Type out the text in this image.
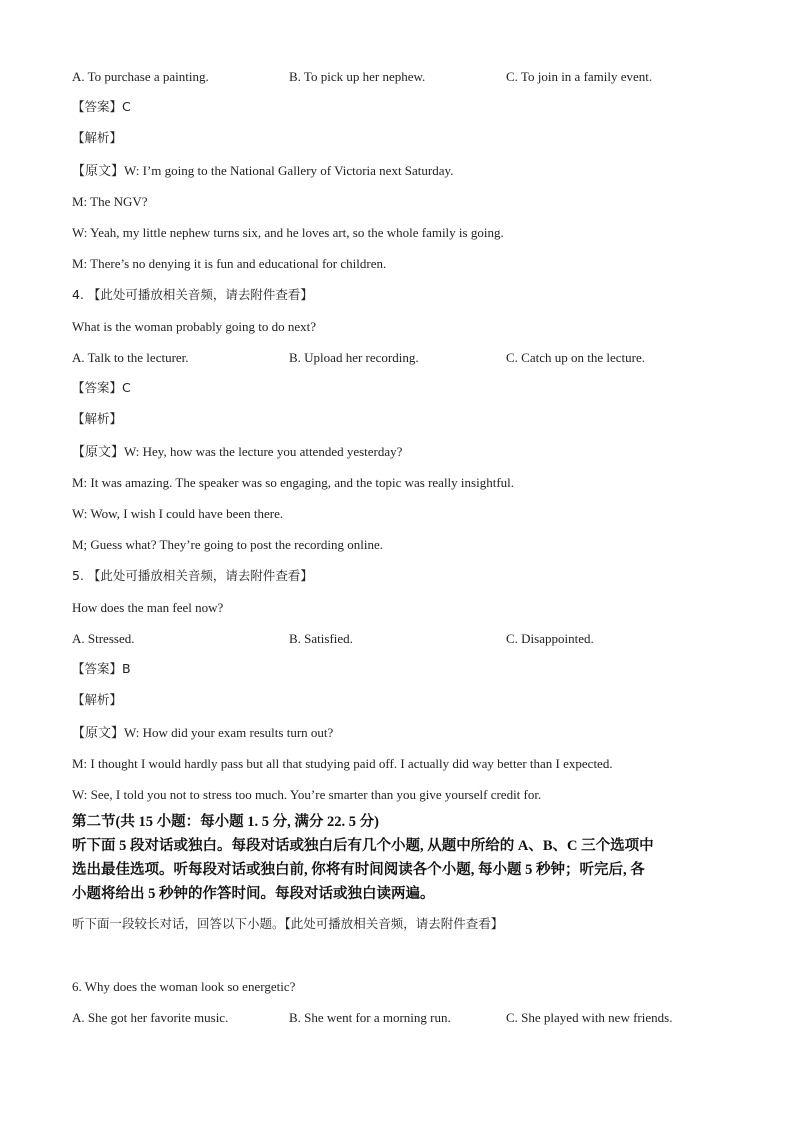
A. To purchase a painting.	B. To pick up her nephew.	C. To join in a family event.
【答案】C
【解析】
【原文】W: I’m going to the National Gallery of Victoria next Saturday.
M: The NGV?
W: Yeah, my little nephew turns six, and he loves art, so the whole family is going.
M: There’s no denying it is fun and educational for children.
4. 【此处可播放相关音频，请去附件查看】
What is the woman probably going to do next?
A. Talk to the lecturer.	B. Upload her recording.	C. Catch up on the lecture.
【答案】C
【解析】
【原文】W: Hey, how was the lecture you attended yesterday?
M: It was amazing. The speaker was so engaging, and the topic was really insightful.
W: Wow, I wish I could have been there.
M; Guess what? They’re going to post the recording online.
5. 【此处可播放相关音频，请去附件查看】
How does the man feel now?
A. Stressed.	B. Satisfied.	C. Disappointed.
【答案】B
【解析】
【原文】W: How did your exam results turn out?
M: I thought I would hardly pass but all that studying paid off. I actually did way better than I expected.
W: See, I told you not to stress too much. You’re smarter than you give yourself credit for.
第二节(共 15 小题：每小题 1. 5 分, 满分 22. 5 分)
听下面 5 段对话或独白。每段对话或独白后有几个小题, 从题中所给的 A、B、C 三个选项中
选出最佳选项。听每段对话或独白前, 你将有时间阅读各个小题, 每小题 5 秒钟；听完后, 各
小题将给出 5 秒钟的作答时间。每段对话或独白读两遍。
听下面一段较长对话，回答以下小题。【此处可播放相关音频，请去附件查看】
6. Why does the woman look so energetic?
A. She got her favorite music.	B. She went for a morning run.	C. She played with new friends.
